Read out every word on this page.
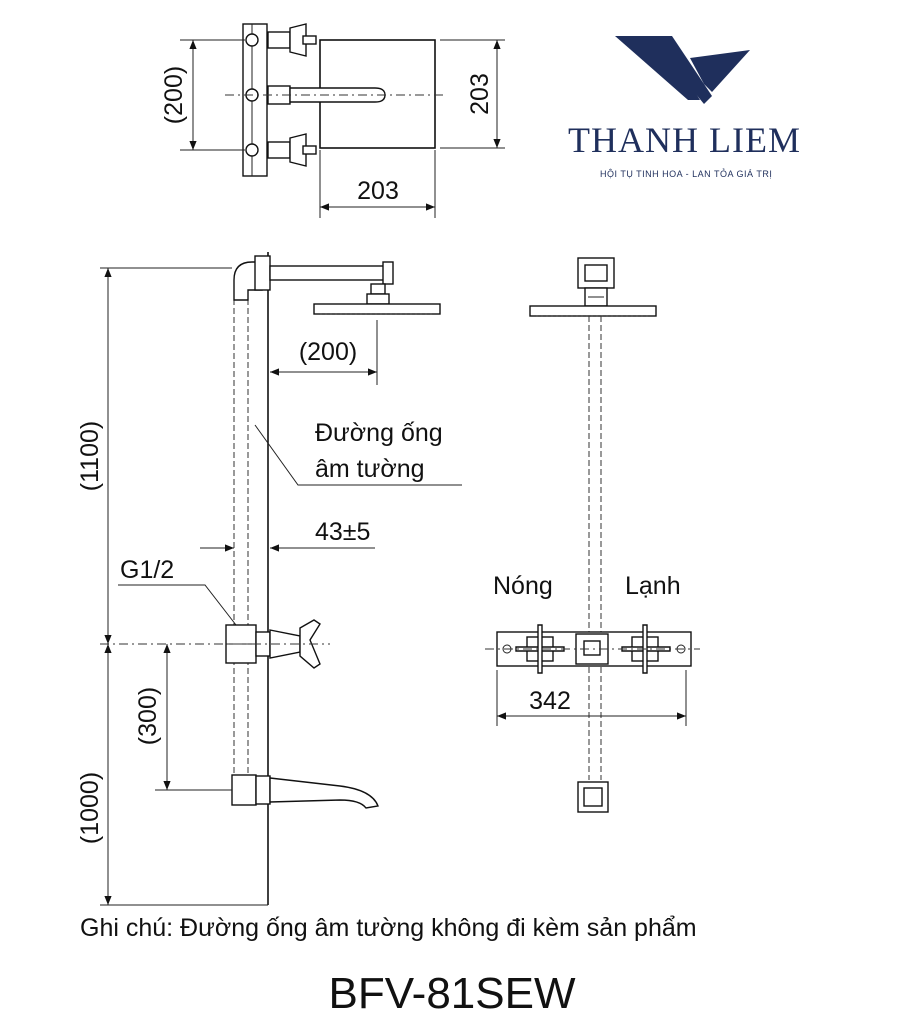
THANH LIEM
HỘI TỤ TINH HOA - LAN TỎA GIÁ TRỊ
(200)	203
203
(200)
Đường ống
âm tường
43±5
G1/2
(1100)
(1000)
(300)
Nóng	Lạnh
342
Ghi chú: Đường ống âm tường không đi kèm sản phẩm
BFV-81SEW
